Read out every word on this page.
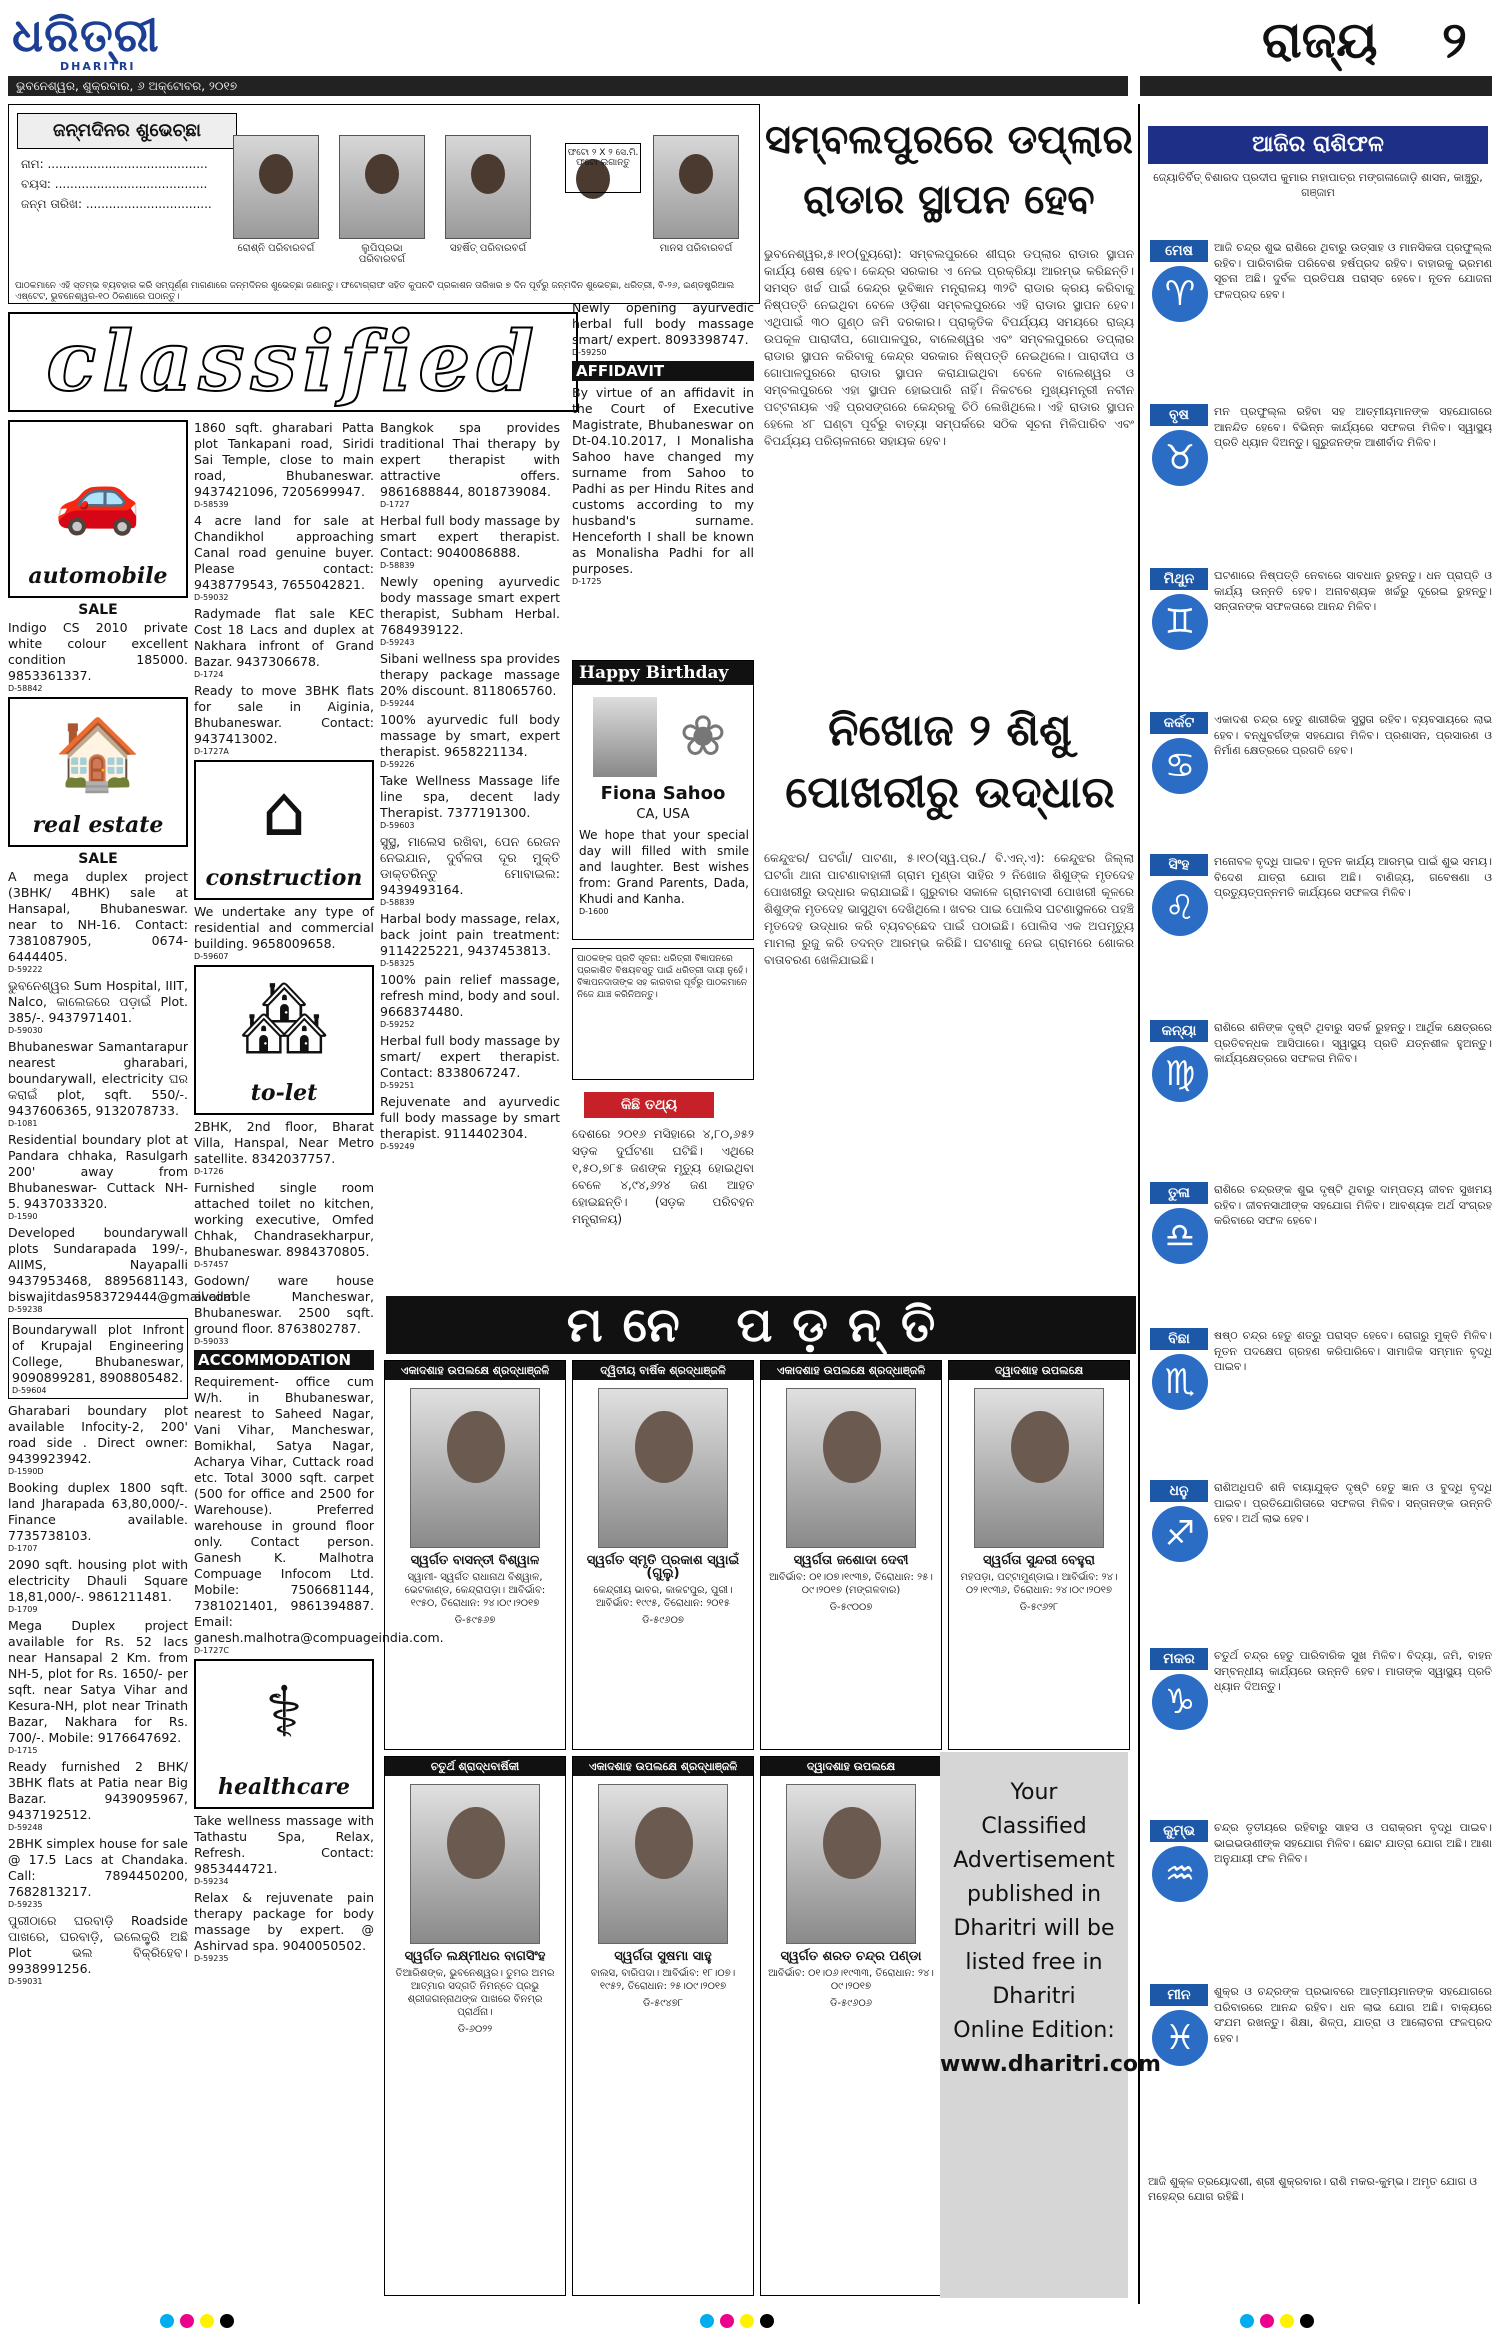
ଧରିତ୍ରୀ
DHARITRI
ଭୁବନେଶ୍ୱର, ଶୁକ୍ରବାର, ୬ ଅକ୍ଟୋବର, ୨୦୧୭
ରାଜ୍ୟ ୨
ଜନ୍ମଦିନର ଶୁଭେଚ୍ଛା
ନାମ: ..........................................
ବୟସ: ........................................
ଜନ୍ମ ତାରିଖ: .................................
ରୋଶ୍ନି ପରିବାରବର୍ଗ	ଲୁପିପ୍ରଭା ପରିବାରବର୍ଗ
ସହର୍ଷିତ୍ ପରିବାରବର୍ଗ
ଫଟୋ ୨ X ୨ ସେ.ମି. ଫଟୋ ଲଗାନ୍ତୁ
ମାନସ ପରିବାରବର୍ଗ
ପାଠକମାନେ ଏହି ସ୍ତମ୍ଭ ବ୍ୟବହାର କରି ସମ୍ପୂର୍ଣ୍ଣ ମାଗଣାରେ ଜନ୍ମଦିନର ଶୁଭେଚ୍ଛା ଜଣାନ୍ତୁ। ଫଟୋଗ୍ରାଫ ସହିତ କୁପନଟି ପ୍ରକାଶନ ତାରିଖର ୭ ଦିନ ପୂର୍ବରୁ ଜନ୍ମଦିନ ଶୁଭେଚ୍ଛା, ଧରିତ୍ରୀ, ବି-୨୬, ଇଣ୍ଡଷ୍ଟ୍ରିଆଲ ଏଷ୍ଟେଟ, ଭୁବନେଶ୍ୱର-୧୦ ଠିକଣାରେ ପଠାନ୍ତୁ।
classified
🚗
automobile
SALE

Indigo CS 2010 private white colour excellent condition 185000. 9853361337.
D-58842

🏠
real estate
SALE

A mega duplex project (3BHK/ 4BHK) sale at Hansapal, Bhubaneswar. near to NH-16. Contact: 7381087905, 0674-6444405.
D-59222

ଭୁବନେଶ୍ୱର Sum Hospital, IIIT, Nalco, କାଲେଜରେ ପଡ଼ାଇଁ Plot. 385/-. 9437971401.
D-59030

Bhubaneswar Samantarapur nearest gharabari, boundarywall, electricity ଘର କରାଇଁ plot, sqft. 550/-. 9437606365, 9132078733.
D-1081

Residential boundary plot at Pandara chhaka, Rasulgarh 200' away from Bhubaneswar- Cuttack NH-5. 9437033320.
D-1590

Developed boundarywall plots Sundarapada 199/-, AIIMS, Nayapalli 9437953468, 8895681143, biswajitdas9583729444@gmail.com.
D-59238

Boundarywall plot Infront of Krupajal Engineering College, Bhubaneswar, 9090899281, 8908805482.
D-59604

Gharabari boundary plot available Infocity-2, 200' road side . Direct owner: 9439923942.
D-1590D

Booking duplex 1800 sqft. land Jharapada 63,80,000/-. Finance available. 7735738103.
D-1707

2090 sqft. housing plot with electricity Dhauli Square 18,81,000/-. 9861211481.
D-1709

Mega Duplex project available for Rs. 52 lacs near Hansapal 2 Km. from NH-5, plot for Rs. 1650/- per sqft. near Satya Vihar and Kesura-NH, plot near Trinath Bazar, Nakhara for Rs. 700/-. Mobile: 9176647692.
D-1715

Ready furnished 2 BHK/ 3BHK flats at Patia near Big Bazar. 9439095967, 9437192512.
D-59248

2BHK simplex house for sale @ 17.5 Lacs at Chandaka. Call: 7894450200, 7682813217.
D-59235

ପୁରୀଠାରେ ଘରବାଡ଼ି Roadside ପାଖରେ, ଘରବାଡ଼ି, ଇଲେକ୍ଟ୍ରି ଅଛି Plot ଭଲ ବିକ୍ରିହେବ। 9938991256.
D-59031

1860 sqft. gharabari Patta plot Tankapani road, Siridi Sai Temple, close to main road, Bhubaneswar. 9437421096, 7205699947.
D-58539

4 acre land for sale at Chandikhol approaching Canal road genuine buyer. Please contact: 9438779543, 7655042821.
D-59032

Radymade flat sale KEC Cost 18 Lacs and duplex at Nakhara infront of Grand Bazar. 9437306678.
D-1724

Ready to move 3BHK flats for sale in Aiginia, Bhubaneswar. Contact: 9437413002.
D-1727A

⌂
construction

We undertake any type of residential and commercial building. 9658009658.
D-59607

🏘
to-let

2BHK, 2nd floor, Bharat Villa, Hanspal, Near Metro satellite. 8342037757.
D-1726

Furnished single room attached toilet no kitchen, working executive, Omfed Chhak, Chandrasekharpur, Bhubaneswar. 8984370805.
D-57457

Godown/ ware house available Mancheswar, Bhubaneswar. 2500 sqft. ground floor. 8763802787.
D-59033

ACCOMMODATION

Requirement- office cum W/h. in Bhubaneswar, nearest to Saheed Nagar, Vani Vihar, Mancheswar, Bomikhal, Satya Nagar, Acharya Vihar, Cuttack road etc. Total 3000 sqft. carpet (500 for office and 2500 for Warehouse). Preferred warehouse in ground floor only. Contact person. Ganesh K. Malhotra Compuage Infocom Ltd. Mobile: 7506681144, 7381021401, 9861394887. Email: ganesh.malhotra@compuageindia.com.
D-1727C

⚕
healthcare

Take wellness massage with Tathastu Spa, Relax, Refresh. Contact: 9853444721.
D-59234

Relax & rejuvenate pain therapy package for body massage by expert. @ Ashirvad spa. 9040050502.
D-59235

Bangkok spa provides traditional Thai therapy by expert therapist with attractive offers. 9861688844, 8018739084.
D-1727

Herbal full body massage by smart expert therapist. Contact: 9040086888.
D-58839

Newly opening ayurvedic body massage smart expert therapist, Subham Herbal. 7684939122.
D-59243

Sibani wellness spa provides therapy package massage 20% discount. 8118065760.
D-59244

100% ayurvedic full body massage by smart, expert therapist. 9658221134.
D-59226

Take Wellness Massage life line spa, decent lady Therapist. 7377191300.
D-59603

ସୁସ୍ଥ, ମାଲେସ ରଖିବା, ପେନ ରେଜନ ନେଇଯାନ, ଦୁର୍ବଳତା ଦୂର ମୁକ୍ତି ଡାକ୍ତରିନ୍ତୁ ମୋବାଇଲ: 9439493164.
D-58839

Harbal body massage, relax, back joint pain treatment: 9114225221, 9437453813.
D-58325

100% pain relief massage, refresh mind, body and soul. 9668374480.
D-59252

Herbal full body massage by smart/ expert therapist. Contact: 8338067247.
D-59251

Rejuvenate and ayurvedic full body massage by smart therapist. 9114402304.
D-59249

Newly opening ayurvedic herbal full body massage smart/ expert. 8093398747.
D-59250

AFFIDAVIT

By virtue of an affidavit in the Court of Executive Magistrate, Bhubaneswar on Dt-04.10.2017, I Monalisha Sahoo have changed my surname from Sahoo to Padhi as per Hindu Rites and customs according to my husband's surname. Henceforth I shall be known as Monalisha Padhi for all purposes.
D-1725

Happy Birthday
❀
Fiona Sahoo
CA, USA
We hope that your special day will filled with smile and laughter. Best wishes from: Grand Parents, Dada, Khudi and Kanha.
D-1600
ପାଠକଙ୍କ ପ୍ରତି ସୂଚନା: ଧରିତ୍ରୀ ବିଜ୍ଞାପନରେ ପ୍ରକାଶିତ ବିଷୟବସ୍ତୁ ପାଇଁ ଧରିତ୍ରୀ ଦାୟୀ ନୁହେଁ। ବିଜ୍ଞାପନଦାତାଙ୍କ ସହ କାରବାର ପୂର୍ବରୁ ପାଠକମାନେ ନିଜେ ଯାଞ୍ଚ କରିନିଅନ୍ତୁ।
କିଛି ତଥ୍ୟ
ଦେଶରେ ୨୦୧୬ ମସିହାରେ ୪,୮୦,୬୫୨ ସଡ଼କ ଦୁର୍ଘଟଣା ଘଟିଛି। ଏଥିରେ ୧,୫୦,୭୮୫ ଜଣଙ୍କ ମୃତ୍ୟୁ ହୋଇଥିବା ବେଳେ ୪,୯୪,୬୨୪ ଜଣ ଆହତ ହୋଇଛନ୍ତି। (ସଡ଼କ ପରିବହନ ମନ୍ତ୍ରାଳୟ)
ସମ୍ବଲପୁରରେ ଡପ୍ଲାର
ରାଡାର ସ୍ଥାପନ ହେବ
ଭୁବନେଶ୍ୱର,୫।୧୦(ବ୍ୟୁରୋ): ସମ୍ବଲପୁରରେ ଶୀଘ୍ର ଡପ୍ଲାର ରାଡାର ସ୍ଥାପନ କାର୍ଯ୍ୟ ଶେଷ ହେବ। କେନ୍ଦ୍ର ସରକାର ଏ ନେଇ ପ୍ରକ୍ରିୟା ଆରମ୍ଭ କରିଛନ୍ତି। ସମସ୍ତ ଖର୍ଚ୍ଚ ପାଇଁ କେନ୍ଦ୍ର ଭୂବିଜ୍ଞାନ ମନ୍ତ୍ରାଳୟ ୩୨ଟି ରାଡାର କ୍ରୟ କରିବାକୁ ନିଷ୍ପତ୍ତି ନେଇଥିବା ବେଳେ ଓଡ଼ିଶା ସମ୍ବଲପୁରରେ ଏହି ରାଡାର ସ୍ଥାପନ ହେବ। ଏଥିପାଇଁ ୩୦ ଗୁଣ୍ଠ ଜମି ଦରକାର। ପ୍ରାକୃତିକ ବିପର୍ଯ୍ୟୟ ସମୟରେ ରାଜ୍ୟ ଉପକୂଳ ପାରାଦୀପ, ଗୋପାଳପୁର, ବାଲେଶ୍ୱର ଏବଂ ସମ୍ବଲପୁରରେ ଡପ୍ଲାର ରାଡାର ସ୍ଥାପନ କରିବାକୁ କେନ୍ଦ୍ର ସରକାର ନିଷ୍ପତ୍ତି ନେଇଥିଲେ। ପାରାଦୀପ ଓ ଗୋପାଳପୁରରେ ରାଡାର ସ୍ଥାପନ କରାଯାଇଥିବା ବେଳେ ବାଲେଶ୍ୱର ଓ ସମ୍ବଲପୁରରେ ଏହା ସ୍ଥାପନ ହୋଇପାରି ନାହିଁ। ନିକଟରେ ମୁଖ୍ୟମନ୍ତ୍ରୀ ନବୀନ ପଟ୍ଟନାୟକ ଏହି ପ୍ରସଙ୍ଗରେ କେନ୍ଦ୍ରକୁ ଚିଠି ଲେଖିଥିଲେ। ଏହି ରାଡାର ସ୍ଥାପନ ହେଲେ ୪୮ ଘଣ୍ଟା ପୂର୍ବରୁ ବାତ୍ୟା ସମ୍ପର୍କରେ ସଠିକ ସୂଚନା ମିଳିପାରିବ ଏବଂ ବିପର୍ଯ୍ୟୟ ପରିଚାଳନାରେ ସହାୟକ ହେବ।
ନିଖୋଜ ୨ ଶିଶୁ
ପୋଖରୀରୁ ଉଦ୍ଧାର
କେନ୍ଦୁଝର/ ଘଟଗାଁ/ ପାଟଣା, ୫।୧୦(ସ୍ୱ.ପ୍ର./ ବି.ଏନ୍.ଏ): କେନ୍ଦୁଝର ଜିଲ୍ଲା ଘଟଗାଁ ଥାନା ପାଟଣାବାହାଳୀ ଗ୍ରାମ ମୁଣ୍ଡା ସାହିର ୨ ନିଖୋଜ ଶିଶୁଙ୍କ ମୃତଦେହ ପୋଖରୀରୁ ଉଦ୍ଧାର କରାଯାଇଛି। ଗୁରୁବାର ସକାଳେ ଗ୍ରାମବାସୀ ପୋଖରୀ କୂଳରେ ଶିଶୁଙ୍କ ମୃତଦେହ ଭାସୁଥିବା ଦେଖିଥିଲେ। ଖବର ପାଇ ପୋଲିସ ଘଟଣାସ୍ଥଳରେ ପହଞ୍ଚି ମୃତଦେହ ଉଦ୍ଧାର କରି ବ୍ୟବଚ୍ଛେଦ ପାଇଁ ପଠାଇଛି। ପୋଲିସ ଏକ ଅପମୃତ୍ୟୁ ମାମଲା ରୁଜୁ କରି ତଦନ୍ତ ଆରମ୍ଭ କରିଛି। ଘଟଣାକୁ ନେଇ ଗ୍ରାମରେ ଶୋକର ବାତାବରଣ ଖେଳିଯାଇଛି।
ମନେ ପଡ଼ନ୍ତି
ଏକାଦଶାହ ଉପଲକ୍ଷେ ଶ୍ରଦ୍ଧାଞ୍ଜଳି
ସ୍ୱର୍ଗତ ବାସନ୍ତୀ ବିଶ୍ୱାଳ
ସ୍ୱାମୀ- ସ୍ୱର୍ଗତ ରାଧାନାଥ ବିଶ୍ୱାଳ, ଭେଟକାଣ୍ଡ, କେନ୍ଦ୍ରାପଡ଼ା। ଆବିର୍ଭାବ: ୧୯୫୦, ତିରୋଧାନ: ୨୪।୦୯।୨୦୧୭
ଡି-୫୯୫୬୭
ଦ୍ୱିତୀୟ ବାର୍ଷିକ ଶ୍ରଦ୍ଧାଞ୍ଜଳି
ସ୍ୱର୍ଗତ ସ୍ମୃତି ପ୍ରକାଶ ସ୍ୱାଇଁ (ଗୁଲୁ)
କେନ୍ଦ୍ରୀୟ ଭାବର, କାକଟପୁର, ପୁରୀ। ଆବିର୍ଭାବ: ୧୯୯୫, ତିରୋଧାନ: ୨୦୧୫
ଡି-୫୯୬୦୭
ଏକାଦଶାହ ଉପଲକ୍ଷେ ଶ୍ରଦ୍ଧାଞ୍ଜଳି
ସ୍ୱର୍ଗତା ଜଶୋଦା ଦେବୀ
ଆବିର୍ଭାବ: ୦୧।୦୭।୧୯୩୭, ତିରୋଧାନ: ୨୫।୦୯।୨୦୧୭ (ମଙ୍ଗଳବାର)
ଡି-୫୯୦୦୭
ଦ୍ୱାଦଶାହ ଉପଲକ୍ଷେ
ସ୍ୱର୍ଗତା ସୁନ୍ଦରୀ ବେହୁରା
ମହପଡ଼ା, ପଟ୍ଟାମୁଣ୍ଡାଇ। ଆବିର୍ଭାବ: ୨୪।୦୨।୧୯୩୬, ତିରୋଧାନ: ୨୪।୦୯।୨୦୧୭
ଡି-୫୯୬୨୮
ଚତୁର୍ଥ ଶ୍ରାଦ୍ଧବାର୍ଷିକୀ
ସ୍ୱର୍ଗତ ଲକ୍ଷ୍ମୀଧର ବାଗସିଂହ
ତିଆରିଶଙ୍କ, ଭୁବନେଶ୍ୱର। ତୁମର ଅମର ଆତ୍ମାର ସଦ୍‌ଗତି ନିମନ୍ତେ ପ୍ରଭୁ ଶ୍ରୀଜଗନ୍ନାଥଙ୍କ ପାଖରେ ବିନମ୍ର ପ୍ରାର୍ଥନା।
ଡି-୬୦୨୨
ଏକାଦଶାହ ଉପଲକ୍ଷେ ଶ୍ରଦ୍ଧାଞ୍ଜଳି
ସ୍ୱର୍ଗତା ସୁଷମା ସାହୁ
ବାଲସ, ବାରିପଦା। ଆବିର୍ଭାବ: ୧୮।୦୭।୧୯୫୨, ତିରୋଧାନ: ୨୫।୦୯।୨୦୧୭
ଡି-୫୯୪୭୮
ଦ୍ୱାଦଶାହ ଉପଲକ୍ଷେ
ସ୍ୱର୍ଗତ ଶରତ ଚନ୍ଦ୍ର ପଣ୍ଡା
ଆବିର୍ଭାବ: ୦୧।୦୬।୧୯୩୩, ତିରୋଧାନ: ୨୪।୦୯।୨୦୧୭
ଡି-୫୯୬୦୬
Your
Classified
Advertisement
published in
Dharitri will be
listed free in
Dharitri
Online Edition:
www.dharitri.com
ଆଜିର ରାଶିଫଳ
ଜ୍ୟୋତିର୍ବିତ୍ ବିଶାରଦ ପ୍ରଦୀପ କୁମାର ମହାପାତ୍ର ମଙ୍ଗଳାଜୋଡ଼ି ଶାସନ, କାଞ୍ଚୁରୁ, ଗଞ୍ଜାମ
ମେଷ
♈
ଆଜି ଚନ୍ଦ୍ର ଶୁଭ ରାଶିରେ ଥିବାରୁ ଉତ୍ସାହ ଓ ମାନସିକତା ପ୍ରଫୁଲ୍ଲ ରହିବ। ପାରିବାରିକ ପରିବେଶ ହର୍ଷପ୍ରଦ ରହିବ। ବାହାରକୁ ଭ୍ରମଣ ସୂଚନା ଅଛି। ଦୁର୍ବଳ ପ୍ରତିପକ୍ଷ ପରାସ୍ତ ହେବେ। ନୂତନ ଯୋଜନା ଫଳପ୍ରଦ ହେବ।
ବୃଷ
♉
ମନ ପ୍ରଫୁଲ୍ଲ ରହିବା ସହ ଆତ୍ମୀୟମାନଙ୍କ ସହଯୋଗରେ ଆନନ୍ଦିତ ହେବେ। ବିଭିନ୍ନ କାର୍ଯ୍ୟରେ ସଫଳତା ମିଳିବ। ସ୍ୱାସ୍ଥ୍ୟ ପ୍ରତି ଧ୍ୟାନ ଦିଅନ୍ତୁ। ଗୁରୁଜନଙ୍କ ଆଶୀର୍ବାଦ ମିଳିବ।
ମିଥୁନ
♊
ଘଟଣାରେ ନିଷ୍ପତ୍ତି ନେବାରେ ସାବଧାନ ରୁହନ୍ତୁ। ଧନ ପ୍ରାପ୍ତି ଓ କାର୍ଯ୍ୟ ଉନ୍ନତି ହେବ। ଅନାବଶ୍ୟକ ଖର୍ଚ୍ଚରୁ ଦୂରେଇ ରୁହନ୍ତୁ। ସନ୍ତାନଙ୍କ ସଫଳତାରେ ଆନନ୍ଦ ମିଳିବ।
କର୍କଟ
♋
ଏକାଦଶ ଚନ୍ଦ୍ର ହେତୁ ଶାରୀରିକ ସୁସ୍ଥତା ରହିବ। ବ୍ୟବସାୟରେ ଲାଭ ହେବ। ବନ୍ଧୁବର୍ଗଙ୍କ ସହଯୋଗ ମିଳିବ। ପ୍ରଶାସନ, ପ୍ରସାରଣ ଓ ନିର୍ମାଣ କ୍ଷେତ୍ରରେ ପ୍ରଗତି ହେବ।
ସିଂହ
♌
ମନୋବଳ ବୃଦ୍ଧି ପାଇବ। ନୂତନ କାର୍ଯ୍ୟ ଆରମ୍ଭ ପାଇଁ ଶୁଭ ସମୟ। ବିଦେଶ ଯାତ୍ରା ଯୋଗ ଅଛି। ବାଣିଜ୍ୟ, ଗବେଷଣା ଓ ପ୍ରତ୍ୟୁତ୍ପନ୍ନମତି କାର୍ଯ୍ୟରେ ସଫଳତା ମିଳିବ।
କନ୍ୟା
♍
ରାଶିରେ ଶନିଙ୍କ ଦୃଷ୍ଟି ଥିବାରୁ ସତର୍କ ରୁହନ୍ତୁ। ଆର୍ଥିକ କ୍ଷେତ୍ରରେ ପ୍ରତିବନ୍ଧକ ଆସିପାରେ। ସ୍ୱାସ୍ଥ୍ୟ ପ୍ରତି ଯତ୍ନଶୀଳ ହୁଅନ୍ତୁ। କାର୍ଯ୍ୟକ୍ଷେତ୍ରରେ ସଫଳତା ମିଳିବ।
ତୁଳା
♎
ରାଶିରେ ଚନ୍ଦ୍ରଙ୍କ ଶୁଭ ଦୃଷ୍ଟି ଥିବାରୁ ଦାମ୍ପତ୍ୟ ଜୀବନ ସୁଖମୟ ରହିବ। ଜୀବନସାଥୀଙ୍କ ସହଯୋଗ ମିଳିବ। ଆବଶ୍ୟକ ଅର୍ଥ ସଂଗ୍ରହ କରିବାରେ ସଫଳ ହେବେ।
ବିଛା
♏
ଷଷ୍ଠ ଚନ୍ଦ୍ର ହେତୁ ଶତ୍ରୁ ପରାସ୍ତ ହେବେ। ରୋଗରୁ ମୁକ୍ତି ମିଳିବ। ନୂତନ ପଦକ୍ଷେପ ଗ୍ରହଣ କରିପାରିବେ। ସାମାଜିକ ସମ୍ମାନ ବୃଦ୍ଧି ପାଇବ।
ଧନୁ
♐
ରାଶିଅଧିପତି ଶନି ବାୟାଯୁକ୍ତ ଦୃଷ୍ଟି ହେତୁ ଜ୍ଞାନ ଓ ବୁଦ୍ଧି ବୃଦ୍ଧି ପାଇବ। ପ୍ରତିଯୋଗିତାରେ ସଫଳତା ମିଳିବ। ସନ୍ତାନଙ୍କ ଉନ୍ନତି ହେବ। ଅର୍ଥ ଲାଭ ହେବ।
ମକର
♑
ଚତୁର୍ଥ ଚନ୍ଦ୍ର ହେତୁ ପାରିବାରିକ ସୁଖ ମିଳିବ। ବିଦ୍ୟା, ଜମି, ବାହନ ସମ୍ବନ୍ଧୀୟ କାର୍ଯ୍ୟରେ ଉନ୍ନତି ହେବ। ମାତାଙ୍କ ସ୍ୱାସ୍ଥ୍ୟ ପ୍ରତି ଧ୍ୟାନ ଦିଅନ୍ତୁ।
କୁମ୍ଭ
♒
ଚନ୍ଦ୍ର ତୃତୀୟରେ ରହିବାରୁ ସାହସ ଓ ପରାକ୍ରମ ବୃଦ୍ଧି ପାଇବ। ଭାଇଭଉଣୀଙ୍କ ସହଯୋଗ ମିଳିବ। ଛୋଟ ଯାତ୍ରା ଯୋଗ ଅଛି। ଆଶା ଅନୁଯାୟୀ ଫଳ ମିଳିବ।
ମୀନ
♓
ଶୁକ୍ର ଓ ଚନ୍ଦ୍ରଙ୍କ ପ୍ରଭାବରେ ଆତ୍ମୀୟମାନଙ୍କ ସହଯୋଗରେ ପରିବାରରେ ଆନନ୍ଦ ରହିବ। ଧନ ଲାଭ ଯୋଗ ଅଛି। ବାକ୍ୟରେ ସଂଯମ ରଖନ୍ତୁ। ଶିକ୍ଷା, ଶିଳ୍ପ, ଯାତ୍ରା ଓ ଆଲୋଚନା ଫଳପ୍ରଦ ହେବ।
ଆଜି ଶୁକ୍ଳ ତ୍ରୟୋଦଶୀ, ଶ୍ରୀ ଶୁକ୍ରବାର। ରାଶି ମକର-କୁମ୍ଭ। ଅମୃତ ଯୋଗ ଓ ମହେନ୍ଦ୍ର ଯୋଗ ରହିଛି।
